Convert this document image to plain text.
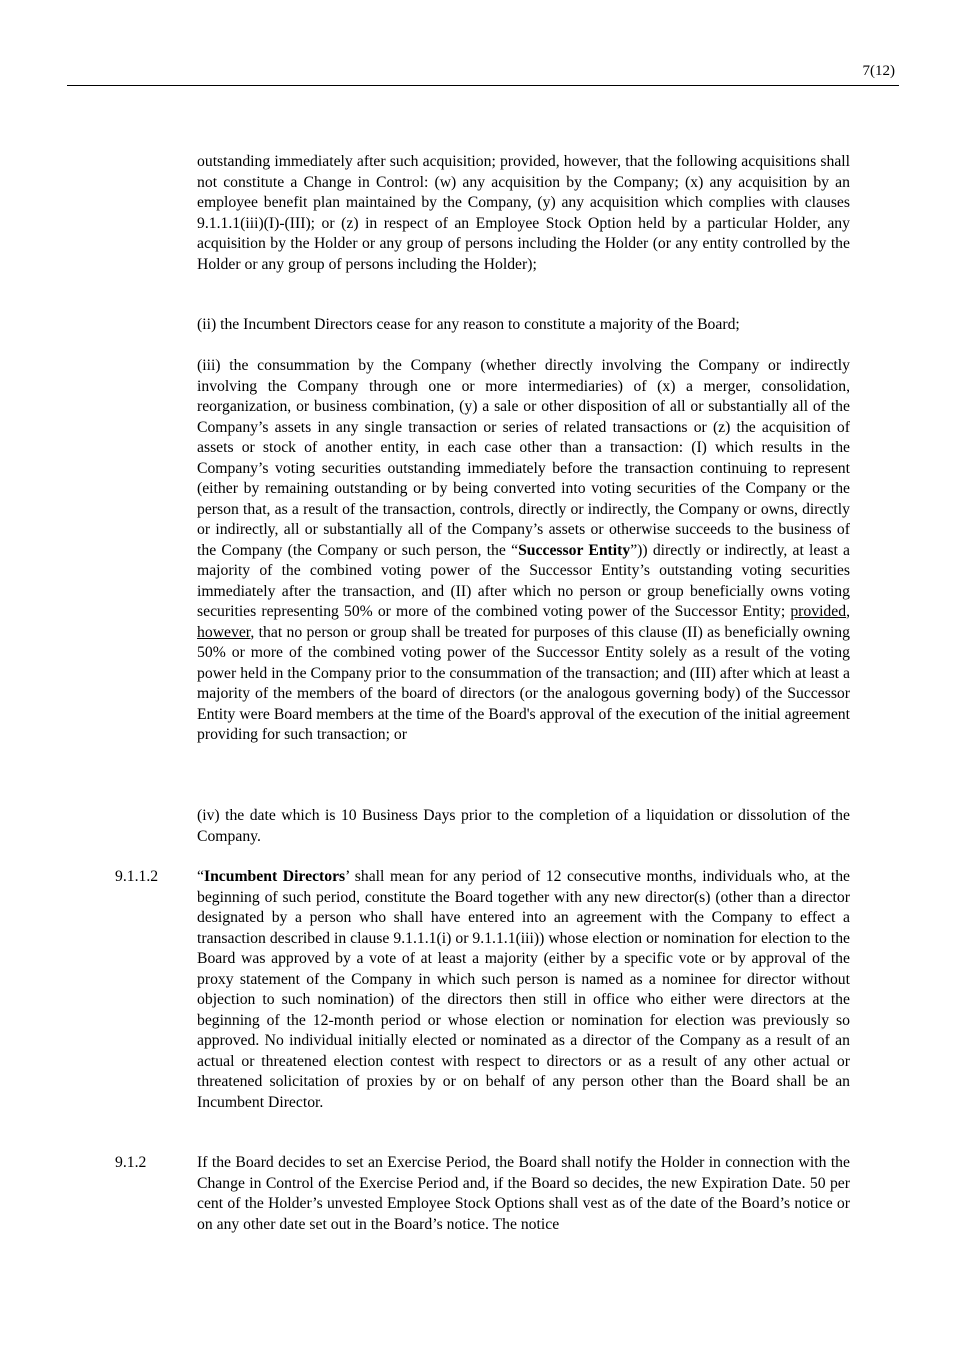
7(12)

outstanding immediately after such acquisition; provided, however, that the following acquisitions shall not constitute a Change in Control: (w) any acquisition by the Company; (x) any acquisition by an employee benefit plan maintained by the Company, (y) any acquisition which complies with clauses 9.1.1.1(iii)(I)-(III); or (z) in respect of an Employee Stock Option held by a particular Holder, any acquisition by the Holder or any group of persons including the Holder (or any entity controlled by the Holder or any group of persons including the Holder);

(ii) the Incumbent Directors cease for any reason to constitute a majority of the Board;

(iii) the consummation by the Company (whether directly involving the Company or indirectly involving the Company through one or more intermediaries) of (x) a merger, consolidation, reorganization, or business combination, (y) a sale or other disposition of all or substantially all of the Company’s assets in any single transaction or series of related transactions or (z) the acquisition of assets or stock of another entity, in each case other than a transaction: (I) which results in the Company’s voting securities outstanding immediately before the transaction continuing to represent (either by remaining outstanding or by being converted into voting securities of the Company or the person that, as a result of the transaction, controls, directly or indirectly, the Company or owns, directly or indirectly, all or substantially all of the Company’s assets or otherwise succeeds to the business of the Company (the Company or such person, the “Successor Entity”)) directly or indirectly, at least a majority of the combined voting power of the Successor Entity’s outstanding voting securities immediately after the transaction, and (II) after which no person or group beneficially owns voting securities representing 50% or more of the combined voting power of the Successor Entity; provided, however, that no person or group shall be treated for purposes of this clause (II) as beneficially owning 50% or more of the combined voting power of the Successor Entity solely as a result of the voting power held in the Company prior to the consummation of the transaction; and (III) after which at least a majority of the members of the board of directors (or the analogous governing body) of the Successor Entity were Board members at the time of the Board's approval of the execution of the initial agreement providing for such transaction; or

(iv) the date which is 10 Business Days prior to the completion of a liquidation or dissolution of the Company.

9.1.1.2 “Incumbent Directors’ shall mean for any period of 12 consecutive months, individuals who, at the beginning of such period, constitute the Board together with any new director(s) (other than a director designated by a person who shall have entered into an agreement with the Company to effect a transaction described in clause 9.1.1.1(i) or 9.1.1.1(iii)) whose election or nomination for election to the Board was approved by a vote of at least a majority (either by a specific vote or by approval of the proxy statement of the Company in which such person is named as a nominee for director without objection to such nomination) of the directors then still in office who either were directors at the beginning of the 12-month period or whose election or nomination for election was previously so approved. No individual initially elected or nominated as a director of the Company as a result of an actual or threatened election contest with respect to directors or as a result of any other actual or threatened solicitation of proxies by or on behalf of any person other than the Board shall be an Incumbent Director.

9.1.2	If the Board decides to set an Exercise Period, the Board shall notify the Holder in connection with the Change in Control of the Exercise Period and, if the Board so decides, the new Expiration Date. 50 per cent of the Holder’s unvested Employee Stock Options shall vest as of the date of the Board’s notice or on any other date set out in the Board’s notice. The notice
